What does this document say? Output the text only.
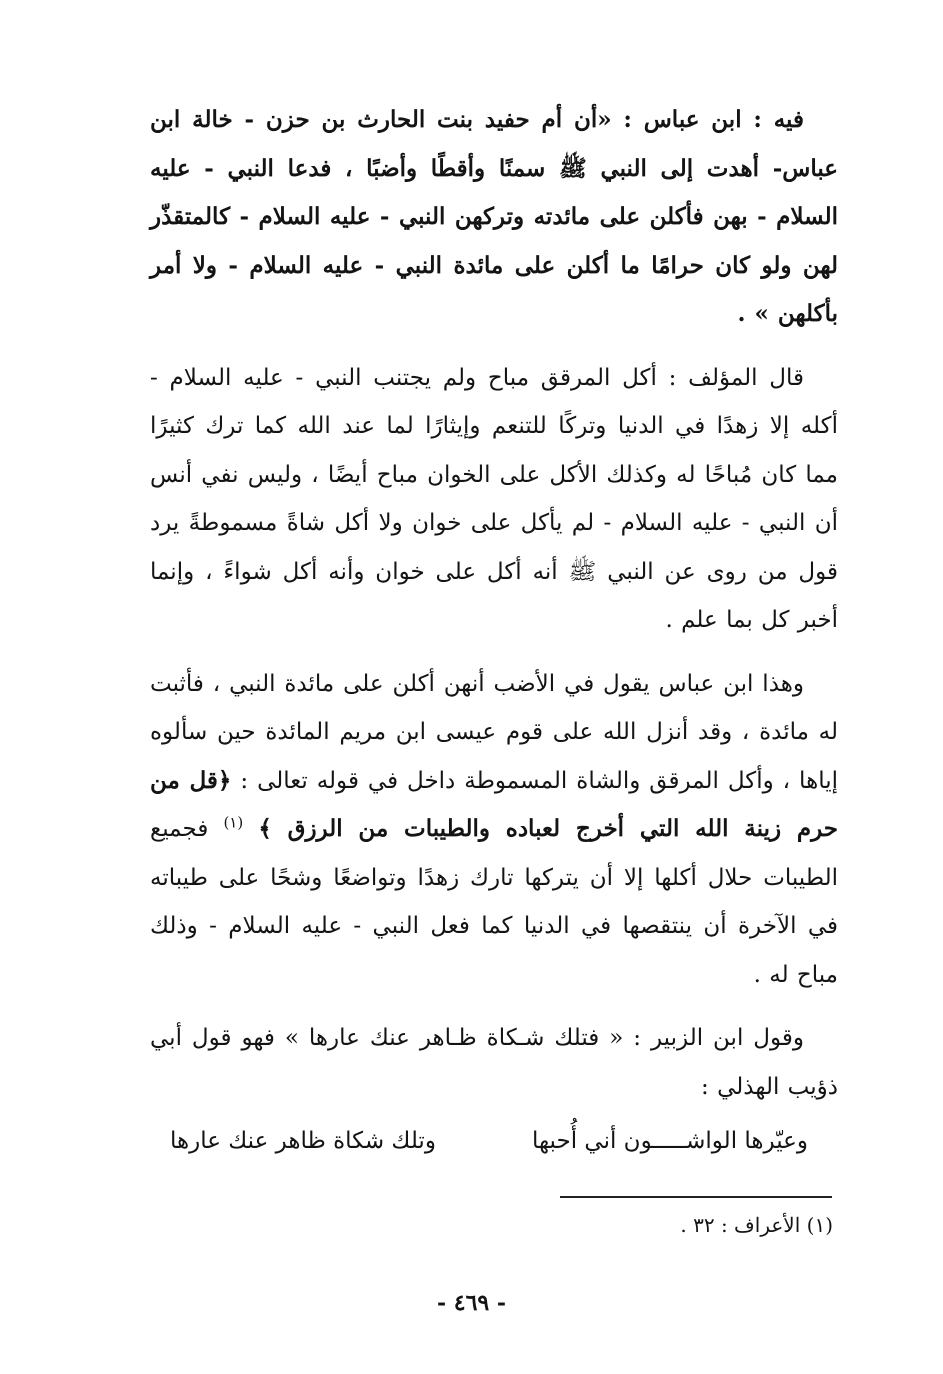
فيه : ابن عباس : «أن أم حفيد بنت الحارث بن حزن - خالة ابن عباس- أهدت إلى النبي ﷺ سمنًا وأقطًا وأضبًا ، فدعا النبي - عليه السلام - بهن فأكلن على مائدته وتركهن النبي - عليه السلام - كالمتقذّر لهن ولو كان حرامًا ما أكلن على مائدة النبي - عليه السلام - ولا أمر بأكلهن » .

قال المؤلف : أكل المرقق مباح ولم يجتنب النبي - عليه السلام - أكله إلا زهدًا في الدنيا وتركًا للتنعم وإيثارًا لما عند الله كما ترك كثيرًا مما كان مُباحًا له وكذلك الأكل على الخوان مباح أيضًا ، وليس نفي أنس أن النبي - عليه السلام - لم يأكل على خوان ولا أكل شاةً مسموطةً يرد قول من روى عن النبي ﷺ أنه أكل على خوان وأنه أكل شواءً ، وإنما أخبر كل بما علم .

وهذا ابن عباس يقول في الأضب أنهن أكلن على مائدة النبي ، فأثبت له مائدة ، وقد أنزل الله على قوم عيسى ابن مريم المائدة حين سألوه إياها ، وأكل المرقق والشاة المسموطة داخل في قوله تعالى : ﴿قل من حرم زينة الله التي أخرج لعباده والطيبات من الرزق ﴾ $^{(١)}$ فجميع الطيبات حلال أكلها إلا أن يتركها تارك زهدًا وتواضعًا وشحًا على طيباته في الآخرة أن ينتقصها في الدنيا كما فعل النبي - عليه السلام - وذلك مباح له .

وقول ابن الزبير : « فتلك شـكاة ظـاهر عنك عارها » فهو قول أبي ذؤيب الهذلي :

وعيّرها الواشـــــون أني أُحبها
وتلك شكاة ظاهر عنك عارها
(١) الأعراف : ٣٢ .
- ٤٦٩ -
